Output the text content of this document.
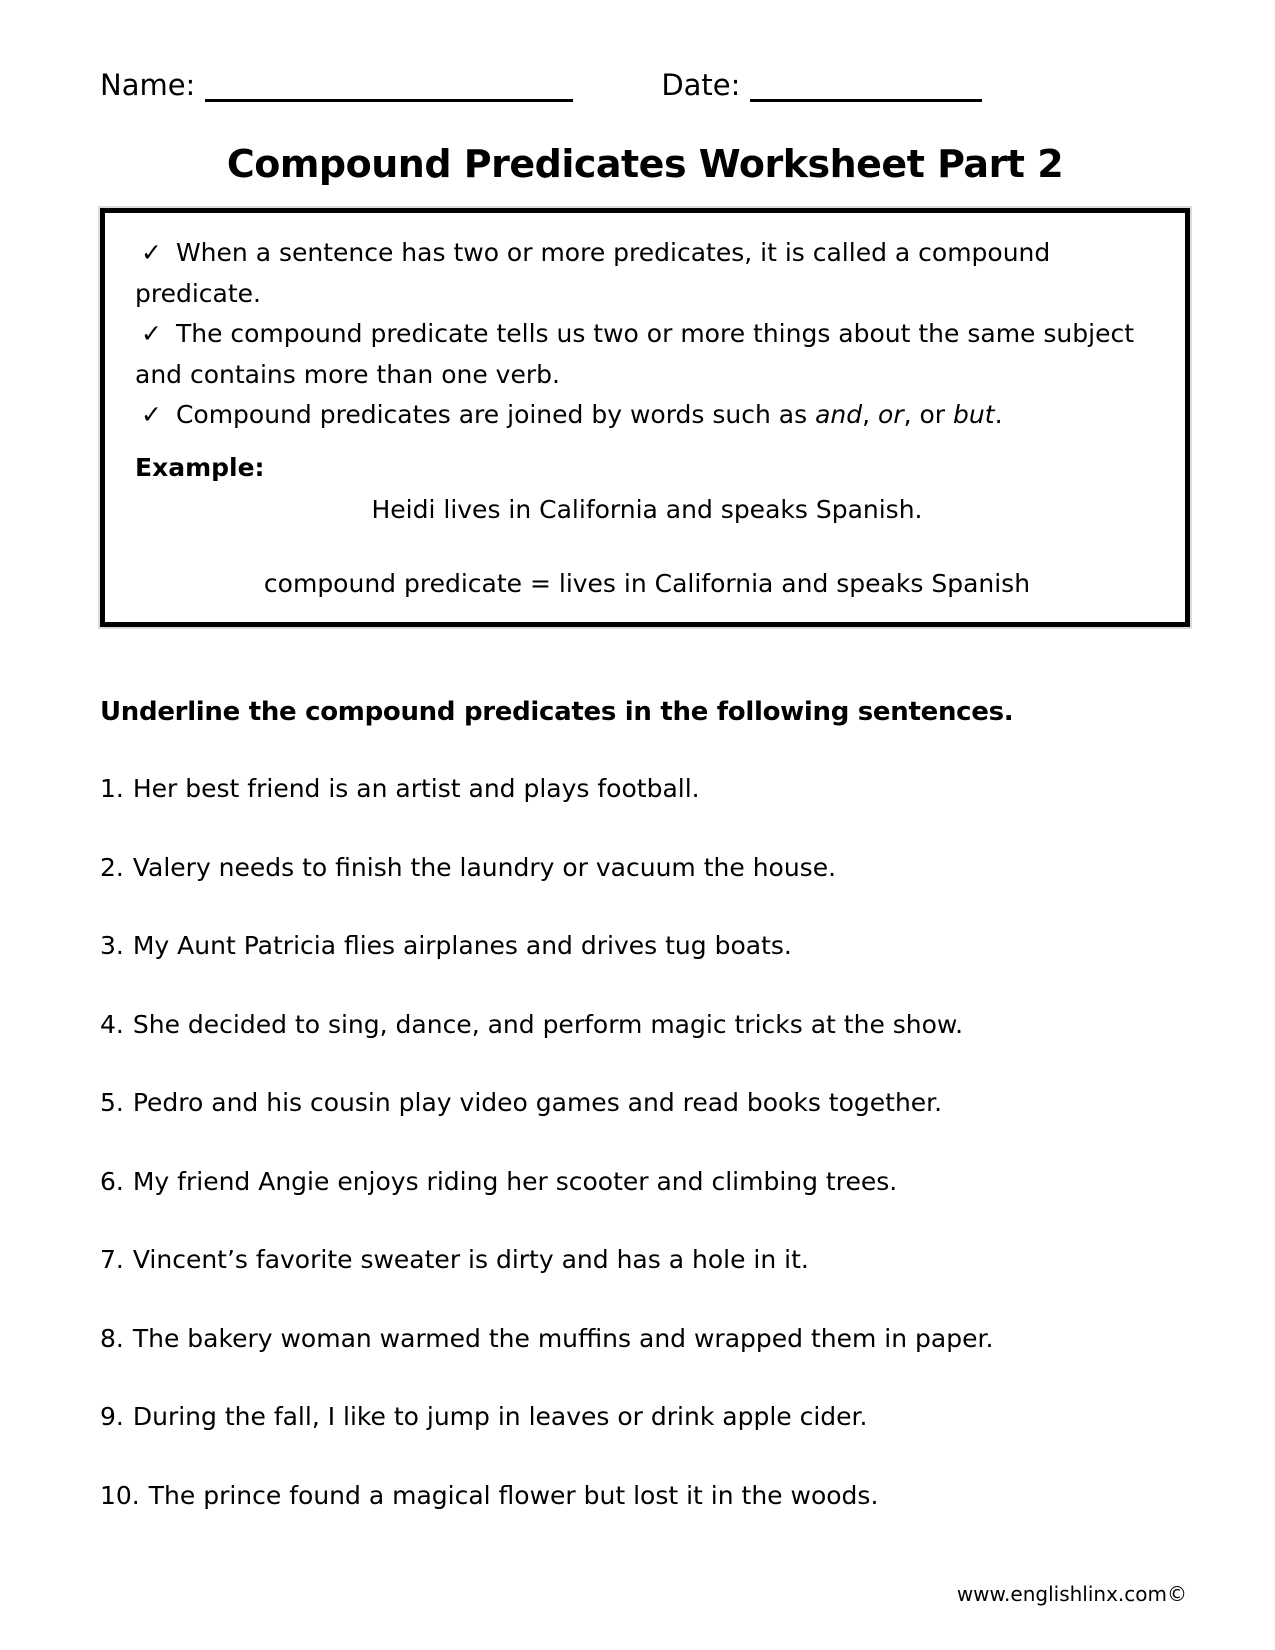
Name:	Date:
Compound Predicates Worksheet Part 2
✓ When a sentence has two or more predicates, it is called a compound predicate.
✓ The compound predicate tells us two or more things about the same subject and contains more than one verb.
✓ Compound predicates are joined by words such as and, or, or but.
Example:
Heidi lives in California and speaks Spanish.
compound predicate = lives in California and speaks Spanish
Underline the compound predicates in the following sentences.
1. Her best friend is an artist and plays football.
2. Valery needs to finish the laundry or vacuum the house.
3. My Aunt Patricia flies airplanes and drives tug boats.
4. She decided to sing, dance, and perform magic tricks at the show.
5. Pedro and his cousin play video games and read books together.
6. My friend Angie enjoys riding her scooter and climbing trees.
7. Vincent’s favorite sweater is dirty and has a hole in it.
8. The bakery woman warmed the muffins and wrapped them in paper.
9. During the fall, I like to jump in leaves or drink apple cider.
10. The prince found a magical flower but lost it in the woods.
www.englishlinx.com©
